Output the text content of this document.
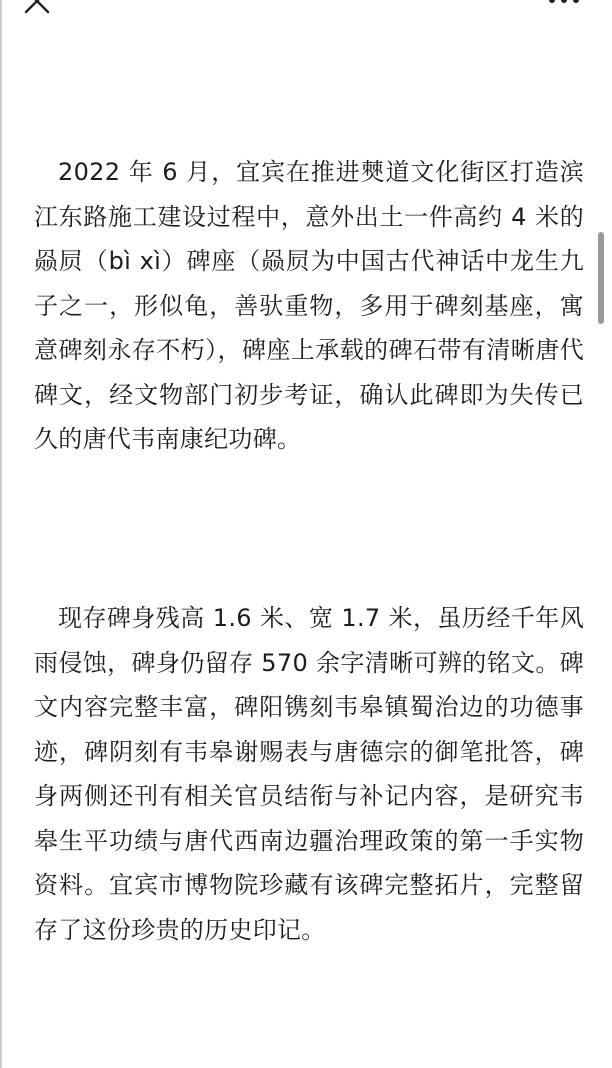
2022 年 6 月，宜宾在推进僰道文化街区打造滨江东路施工建设过程中，意外出土一件高约 4 米的赑屃（bì xì）碑座（赑屃为中国古代神话中龙生九子之一，形似龟，善驮重物，多用于碑刻基座，寓意碑刻永存不朽），碑座上承载的碑石带有清晰唐代碑文，经文物部门初步考证，确认此碑即为失传已久的唐代韦南康纪功碑。

现存碑身残高 1.6 米、宽 1.7 米，虽历经千年风雨侵蚀，碑身仍留存 570 余字清晰可辨的铭文。碑文内容完整丰富，碑阳镌刻韦皋镇蜀治边的功德事迹，碑阴刻有韦皋谢赐表与唐德宗的御笔批答，碑身两侧还刊有相关官员结衔与补记内容，是研究韦皋生平功绩与唐代西南边疆治理政策的第一手实物资料。宜宾市博物院珍藏有该碑完整拓片，完整留存了这份珍贵的历史印记。
